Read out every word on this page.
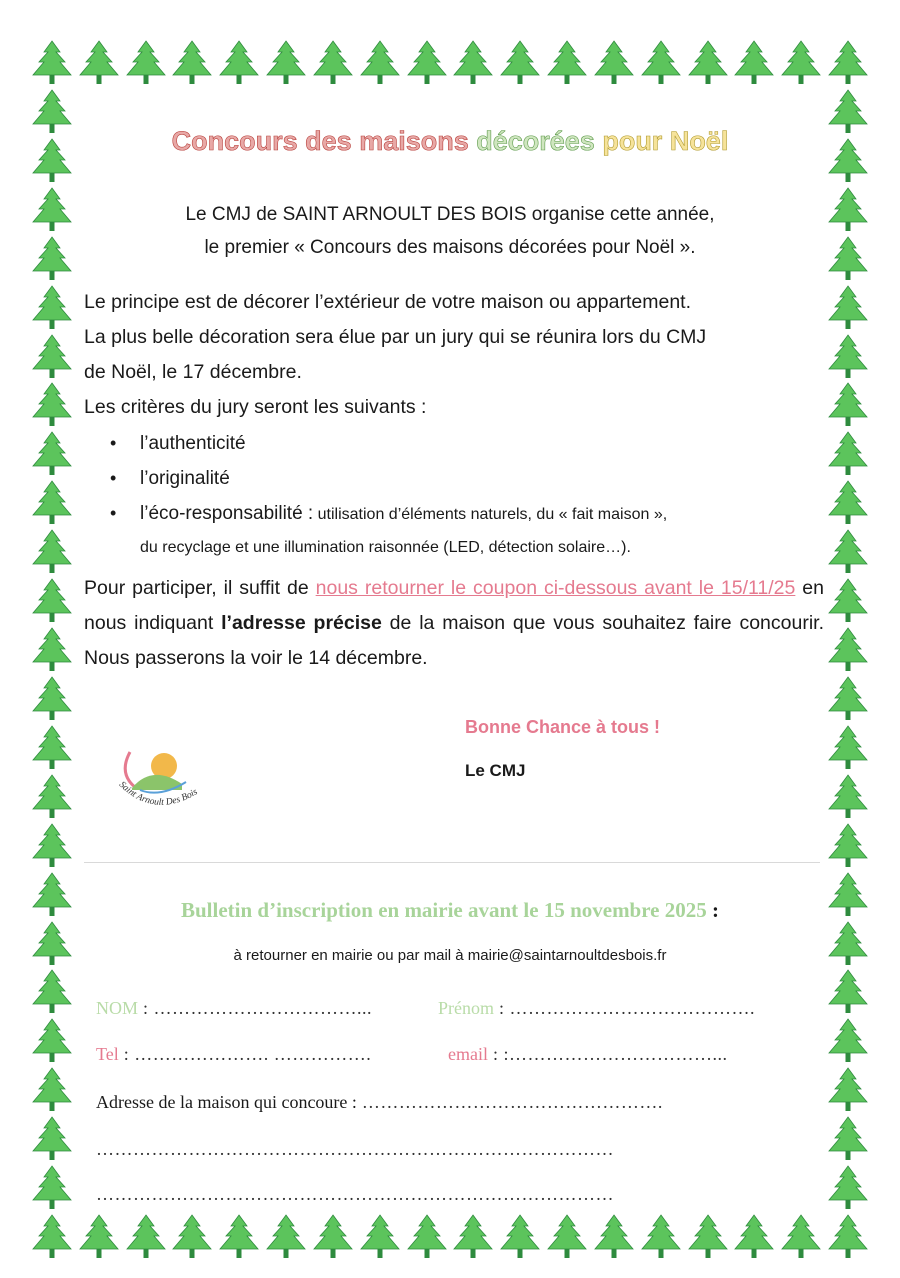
Concours des maisons décorées pour Noël
Le CMJ de SAINT ARNOULT DES BOIS organise cette année,
le premier « Concours des maisons décorées pour Noël ».

Le principe est de décorer l’extérieur de votre maison ou appartement.
La plus belle décoration sera élue par un jury qui se réunira lors du CMJ
de Noël, le 17 décembre.

Les critères du jury seront les suivants :

• l’authenticité
• l’originalité
• l’éco-responsabilité : utilisation d’éléments naturels, du « fait maison »,
du recyclage et une illumination raisonnée (LED, détection solaire…).

Pour participer, il suffit de nous retourner le coupon ci-dessous avant le 15/11/25 en nous indiquant l’adresse précise de la maison que vous souhaitez faire concourir. Nous passerons la voir le 14 décembre.

Bonne Chance à tous !
Le CMJ
Saint Arnoult Des Bois
Bulletin d’inscription en mairie avant le 15 novembre 2025 :
à retourner en mairie ou par mail à mairie@saintarnoultdesbois.fr
NOM : ……………………………...	Prénom : ………………………………….
Tel : …………………. …………….	email : :……………………………...
Adresse de la maison qui concoure : ………………………………………….
…………………………………………………………………………
…………………………………………………………………………
